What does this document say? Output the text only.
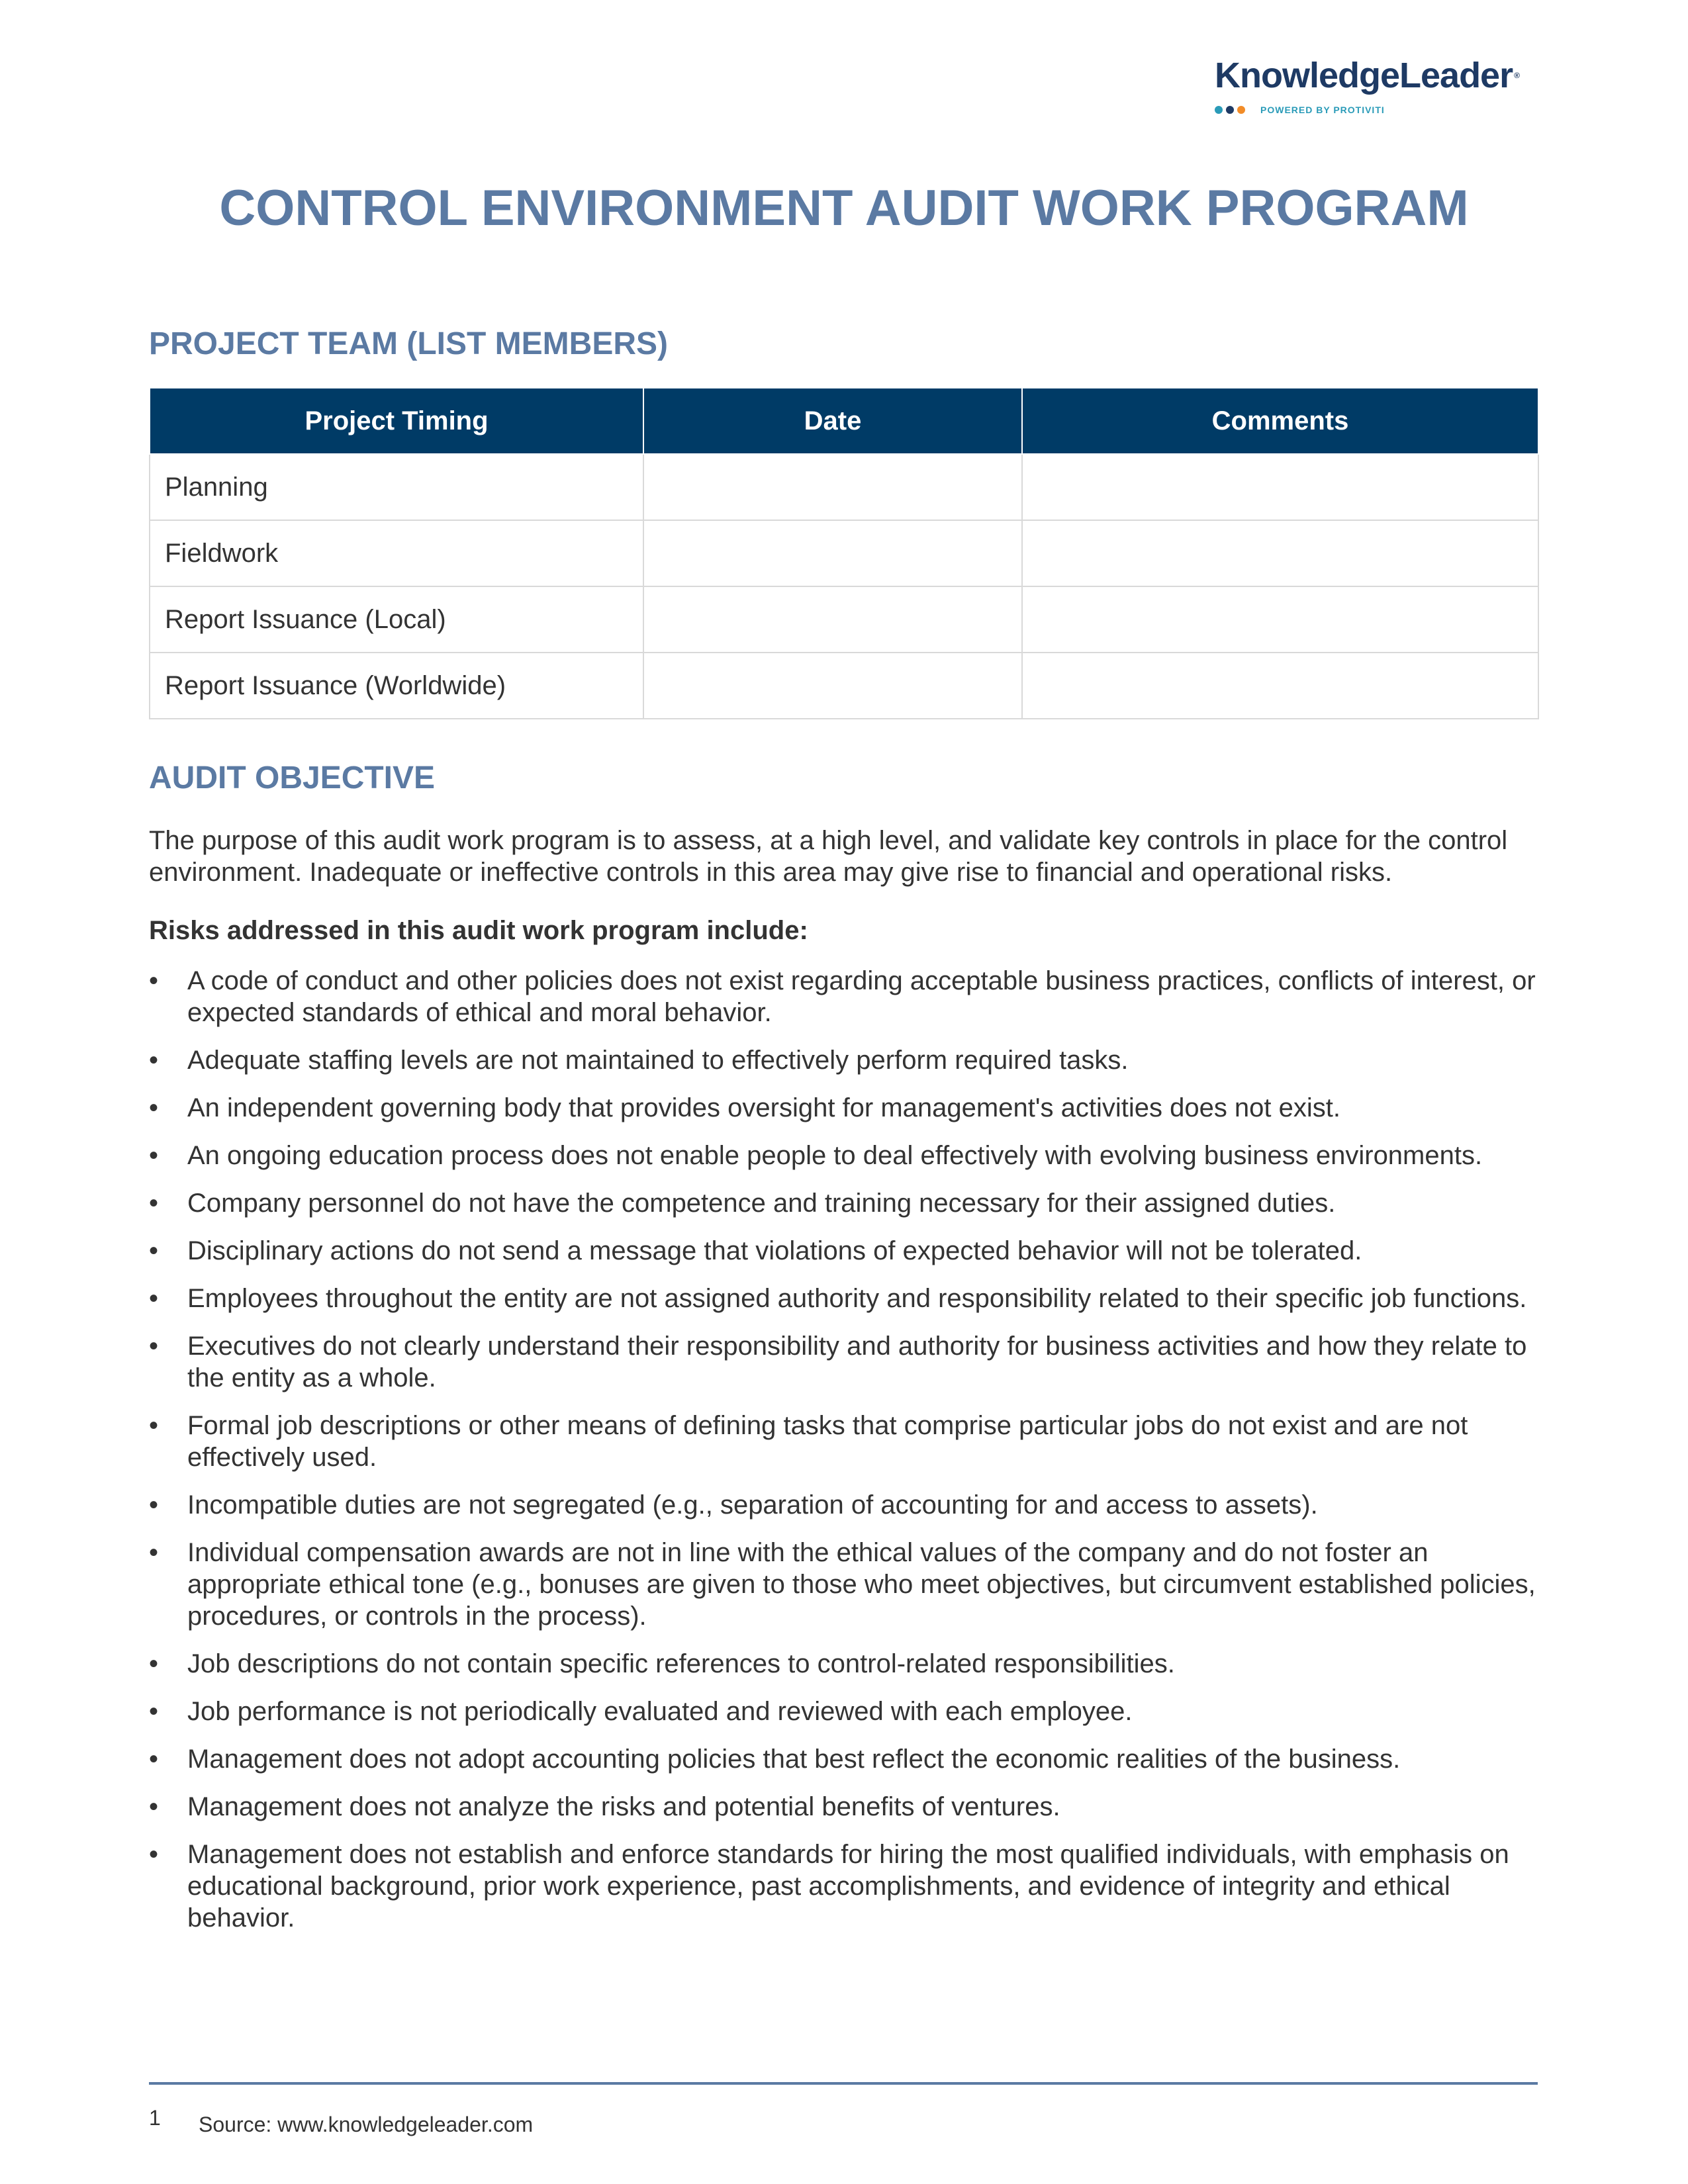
KnowledgeLeader ®
POWERED BY PROTIVITI
CONTROL ENVIRONMENT AUDIT WORK PROGRAM
PROJECT TEAM (LIST MEMBERS)
Project Timing	Date	Comments
Planning		
Fieldwork		
Report Issuance (Local)		
Report Issuance (Worldwide)		
AUDIT OBJECTIVE

The purpose of this audit work program is to assess, at a high level, and validate key controls in place for the control environment. Inadequate or ineffective controls in this area may give rise to financial and operational risks.

Risks addressed in this audit work program include:

• A code of conduct and other policies does not exist regarding acceptable business practices, conflicts of interest, or expected standards of ethical and moral behavior.
• Adequate staffing levels are not maintained to effectively perform required tasks.
• An independent governing body that provides oversight for management's activities does not exist.
• An ongoing education process does not enable people to deal effectively with evolving business environments.
• Company personnel do not have the competence and training necessary for their assigned duties.
• Disciplinary actions do not send a message that violations of expected behavior will not be tolerated.
• Employees throughout the entity are not assigned authority and responsibility related to their specific job functions.
• Executives do not clearly understand their responsibility and authority for business activities and how they relate to the entity as a whole.
• Formal job descriptions or other means of defining tasks that comprise particular jobs do not exist and are not effectively used.
• Incompatible duties are not segregated (e.g., separation of accounting for and access to assets).
• Individual compensation awards are not in line with the ethical values of the company and do not foster an appropriate ethical tone (e.g., bonuses are given to those who meet objectives, but circumvent established policies, procedures, or controls in the process).
• Job descriptions do not contain specific references to control-related responsibilities.
• Job performance is not periodically evaluated and reviewed with each employee.
• Management does not adopt accounting policies that best reflect the economic realities of the business.
• Management does not analyze the risks and potential benefits of ventures.
• Management does not establish and enforce standards for hiring the most qualified individuals, with emphasis on educational background, prior work experience, past accomplishments, and evidence of integrity and ethical behavior.
1 Source: www.knowledgeleader.com
